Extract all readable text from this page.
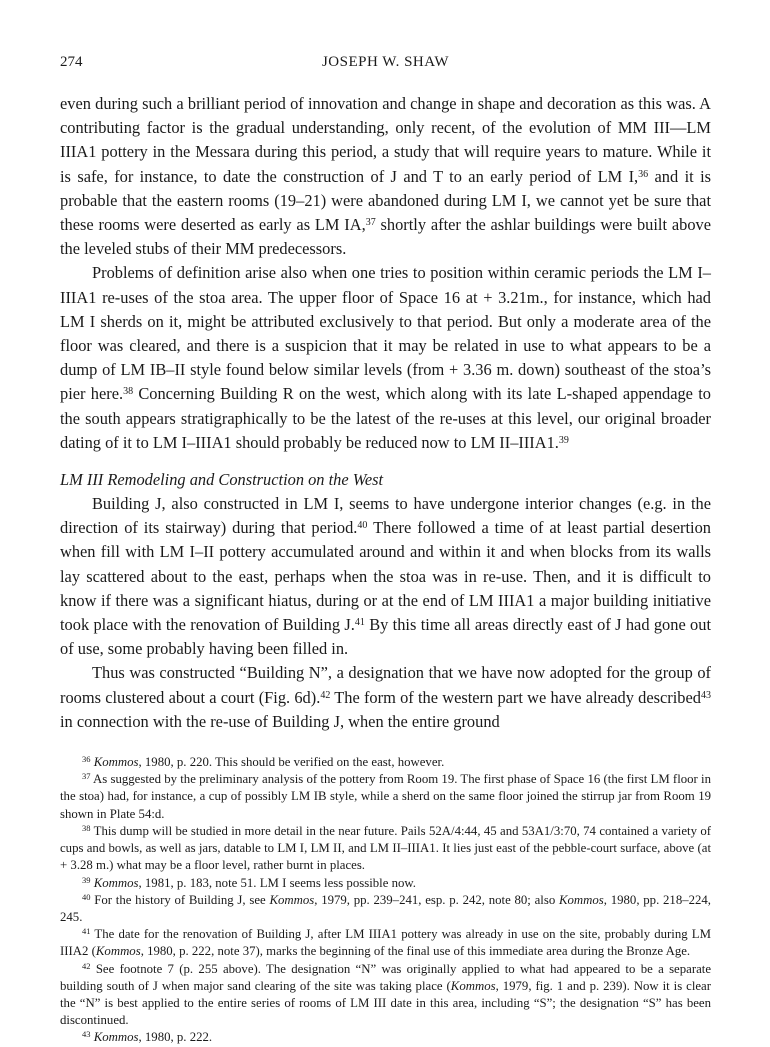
274	JOSEPH W. SHAW

even during such a brilliant period of innovation and change in shape and decoration as this was. A contributing factor is the gradual understanding, only recent, of the evolution of MM III—LM IIIA1 pottery in the Messara during this period, a study that will require years to mature. While it is safe, for instance, to date the construction of J and T to an early period of LM I,$^{36}$ and it is probable that the eastern rooms (19–21) were abandoned during LM I, we cannot yet be sure that these rooms were deserted as early as LM IA,$^{37}$ shortly after the ashlar buildings were built above the leveled stubs of their MM predecessors.

Problems of definition arise also when one tries to position within ceramic periods the LM I–IIIA1 re-uses of the stoa area. The upper floor of Space 16 at + 3.21m., for instance, which had LM I sherds on it, might be attributed exclusively to that period. But only a moderate area of the floor was cleared, and there is a suspicion that it may be related in use to what appears to be a dump of LM IB–II style found below similar levels (from + 3.36 m. down) southeast of the stoa’s pier here.$^{38}$ Concerning Building R on the west, which along with its late L-shaped appendage to the south appears stratigraphically to be the latest of the re-uses at this level, our original broader dating of it to LM I–IIIA1 should probably be reduced now to LM II–IIIA1.39

LM III Remodeling and Construction on the West

Building J, also constructed in LM I, seems to have undergone interior changes (e.g. in the direction of its stairway) during that period.$^{40}$ There followed a time of at least partial desertion when fill with LM I–II pottery accumulated around and within it and when blocks from its walls lay scattered about to the east, perhaps when the stoa was in re-use. Then, and it is difficult to know if there was a significant hiatus, during or at the end of LM IIIA1 a major building initiative took place with the renovation of Building J.$^{41}$ By this time all areas directly east of J had gone out of use, some probably having been filled in.

Thus was constructed “Building N”, a designation that we have now adopted for the group of rooms clustered about a court (Fig. 6d).$^{42}$ The form of the western part we have already described$^{43}$ in connection with the re-use of Building J, when the entire ground

$^{36}$ Kommos, 1980, p. 220. This should be verified on the east, however.

$^{37}$ As suggested by the preliminary analysis of the pottery from Room 19. The first phase of Space 16 (the first LM floor in the stoa) had, for instance, a cup of possibly LM IB style, while a sherd on the same floor joined the stirrup jar from Room 19 shown in Plate 54:d.

$^{38}$ This dump will be studied in more detail in the near future. Pails 52A/4:44, 45 and 53A1/3:70, 74 contained a variety of cups and bowls, as well as jars, datable to LM I, LM II, and LM II–IIIA1. It lies just east of the pebble-court surface, above (at + 3.28 m.) what may be a floor level, rather burnt in places.

$^{39}$ Kommos, 1981, p. 183, note 51. LM I seems less possible now.

$^{40}$ For the history of Building J, see Kommos, 1979, pp. 239–241, esp. p. 242, note 80; also Kommos, 1980, pp. 218–224, 245.

$^{41}$ The date for the renovation of Building J, after LM IIIA1 pottery was already in use on the site, probably during LM IIIA2 (Kommos, 1980, p. 222, note 37), marks the beginning of the final use of this immediate area during the Bronze Age.

$^{42}$ See footnote 7 (p. 255 above). The designation “N” was originally applied to what had appeared to be a separate building south of J when major sand clearing of the site was taking place (Kommos, 1979, fig. 1 and p. 239). Now it is clear the “N” is best applied to the entire series of rooms of LM III date in this area, including “S”; the designation “S” has been discontinued.

$^{43}$ Kommos, 1980, p. 222.
